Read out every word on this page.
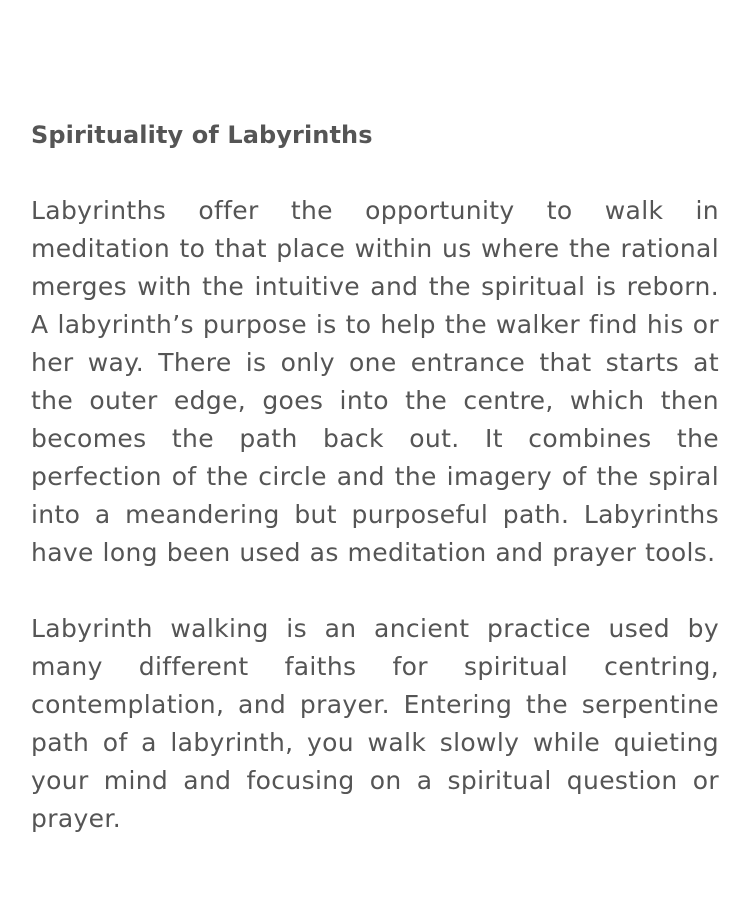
Spirituality of Labyrinths

Labyrinths offer the opportunity to walk in meditation to that place within us where the rational merges with the intuitive and the spiritual is reborn. A labyrinth’s purpose is to help the walker find his or her way. There is only one entrance that starts at the outer edge, goes into the centre, which then becomes the path back out. It combines the perfection of the circle and the imagery of the spiral into a meandering but purposeful path. Labyrinths have long been used as meditation and prayer tools.

Labyrinth walking is an ancient practice used by many different faiths for spiritual centring, contemplation, and prayer. Entering the serpentine path of a labyrinth, you walk slowly while quieting your mind and focusing on a spiritual question or prayer.
